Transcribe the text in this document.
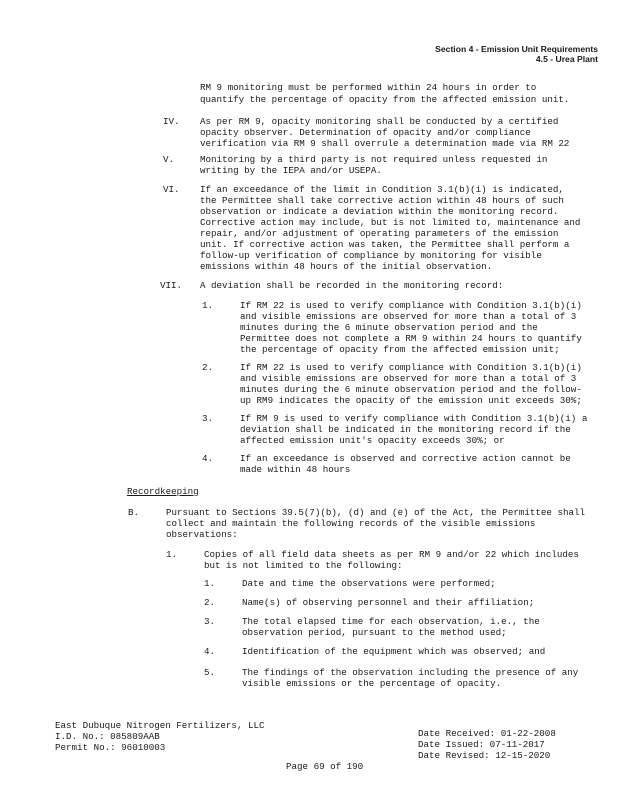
Section 4 - Emission Unit Requirements
4.5 - Urea Plant
RM 9 monitoring must be performed within 24 hours in order to
quantify the percentage of opacity from the affected emission unit.
IV. As per RM 9, opacity monitoring shall be conducted by a certified
opacity observer. Determination of opacity and/or compliance
verification via RM 9 shall overrule a determination made via RM 22
V.	Monitoring by a third party is not required unless requested in
writing by the IEPA and/or USEPA.
VI. If an exceedance of the limit in Condition 3.1(b)(i) is indicated,
the Permittee shall take corrective action within 48 hours of such
observation or indicate a deviation within the monitoring record.
Corrective action may include, but is not limited to, maintenance and
repair, and/or adjustment of operating parameters of the emission
unit. If corrective action was taken, the Permittee shall perform a
follow-up verification of compliance by monitoring for visible
emissions within 48 hours of the initial observation.
VII. A deviation shall be recorded in the monitoring record:
1.	If RM 22 is used to verify compliance with Condition 3.1(b)(i)
and visible emissions are observed for more than a total of 3
minutes during the 6 minute observation period and the
Permittee does not complete a RM 9 within 24 hours to quantify
the percentage of opacity from the affected emission unit;
2.	If RM 22 is used to verify compliance with Condition 3.1(b)(i)
and visible emissions are observed for more than a total of 3
minutes during the 6 minute observation period and the follow-
up RM9 indicates the opacity of the emission unit exceeds 30%;
3.	If RM 9 is used to verify compliance with Condition 3.1(b)(i) a
deviation shall be indicated in the monitoring record if the
affected emission unit's opacity exceeds 30%; or
4.	If an exceedance is observed and corrective action cannot be
made within 48 hours
Recordkeeping
B.	Pursuant to Sections 39.5(7)(b), (d) and (e) of the Act, the Permittee shall
collect and maintain the following records of the visible emissions
observations:
1.	Copies of all field data sheets as per RM 9 and/or 22 which includes
but is not limited to the following:
1.	Date and time the observations were performed;
2.	Name(s) of observing personnel and their affiliation;
3.	The total elapsed time for each observation, i.e., the
observation period, pursuant to the method used;
4.	Identification of the equipment which was observed; and
5.	The findings of the observation including the presence of any
visible emissions or the percentage of opacity.
East Dubuque Nitrogen Fertilizers, LLC
I.D. No.: 085809AAB
Permit No.: 96010003
Date Received: 01-22-2008
Date Issued: 07-11-2017
Date Revised: 12-15-2020
Page 69 of 190
